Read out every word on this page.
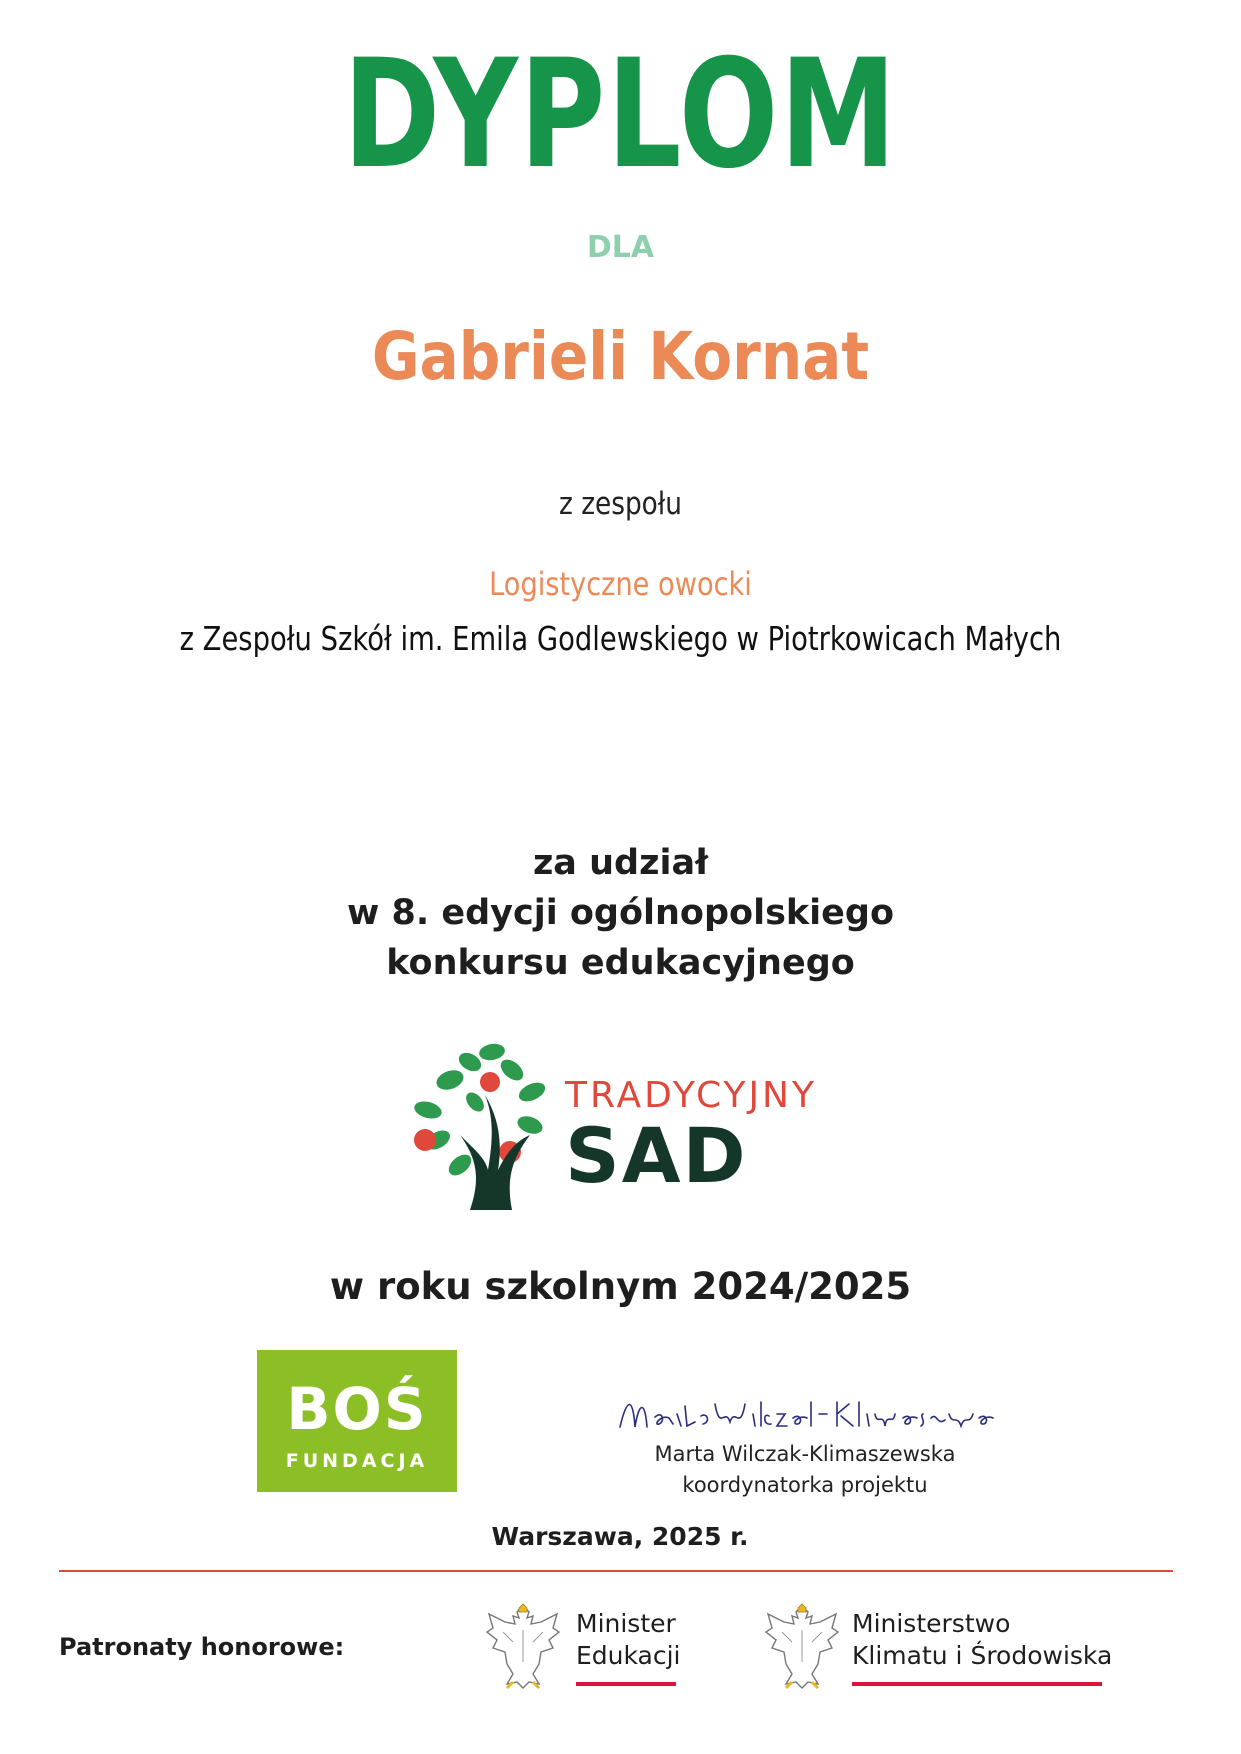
DYPLOM
DLA
Gabrieli Kornat
z zespołu
Logistyczne owocki
z Zespołu Szkół im. Emila Godlewskiego w Piotrkowicach Małych
za udział
w 8. edycji ogólnopolskiego
konkursu edukacyjnego
TRADYCYJNY
SAD
w roku szkolnym 2024/2025
BOŚ
FUNDACJA	Marta Wilczak-Klimaszewska
koordynatorka projektu
Warszawa, 2025 r.
Patronaty honorowe:
Minister
Edukacji
Ministerstwo
Klimatu i Środowiska
